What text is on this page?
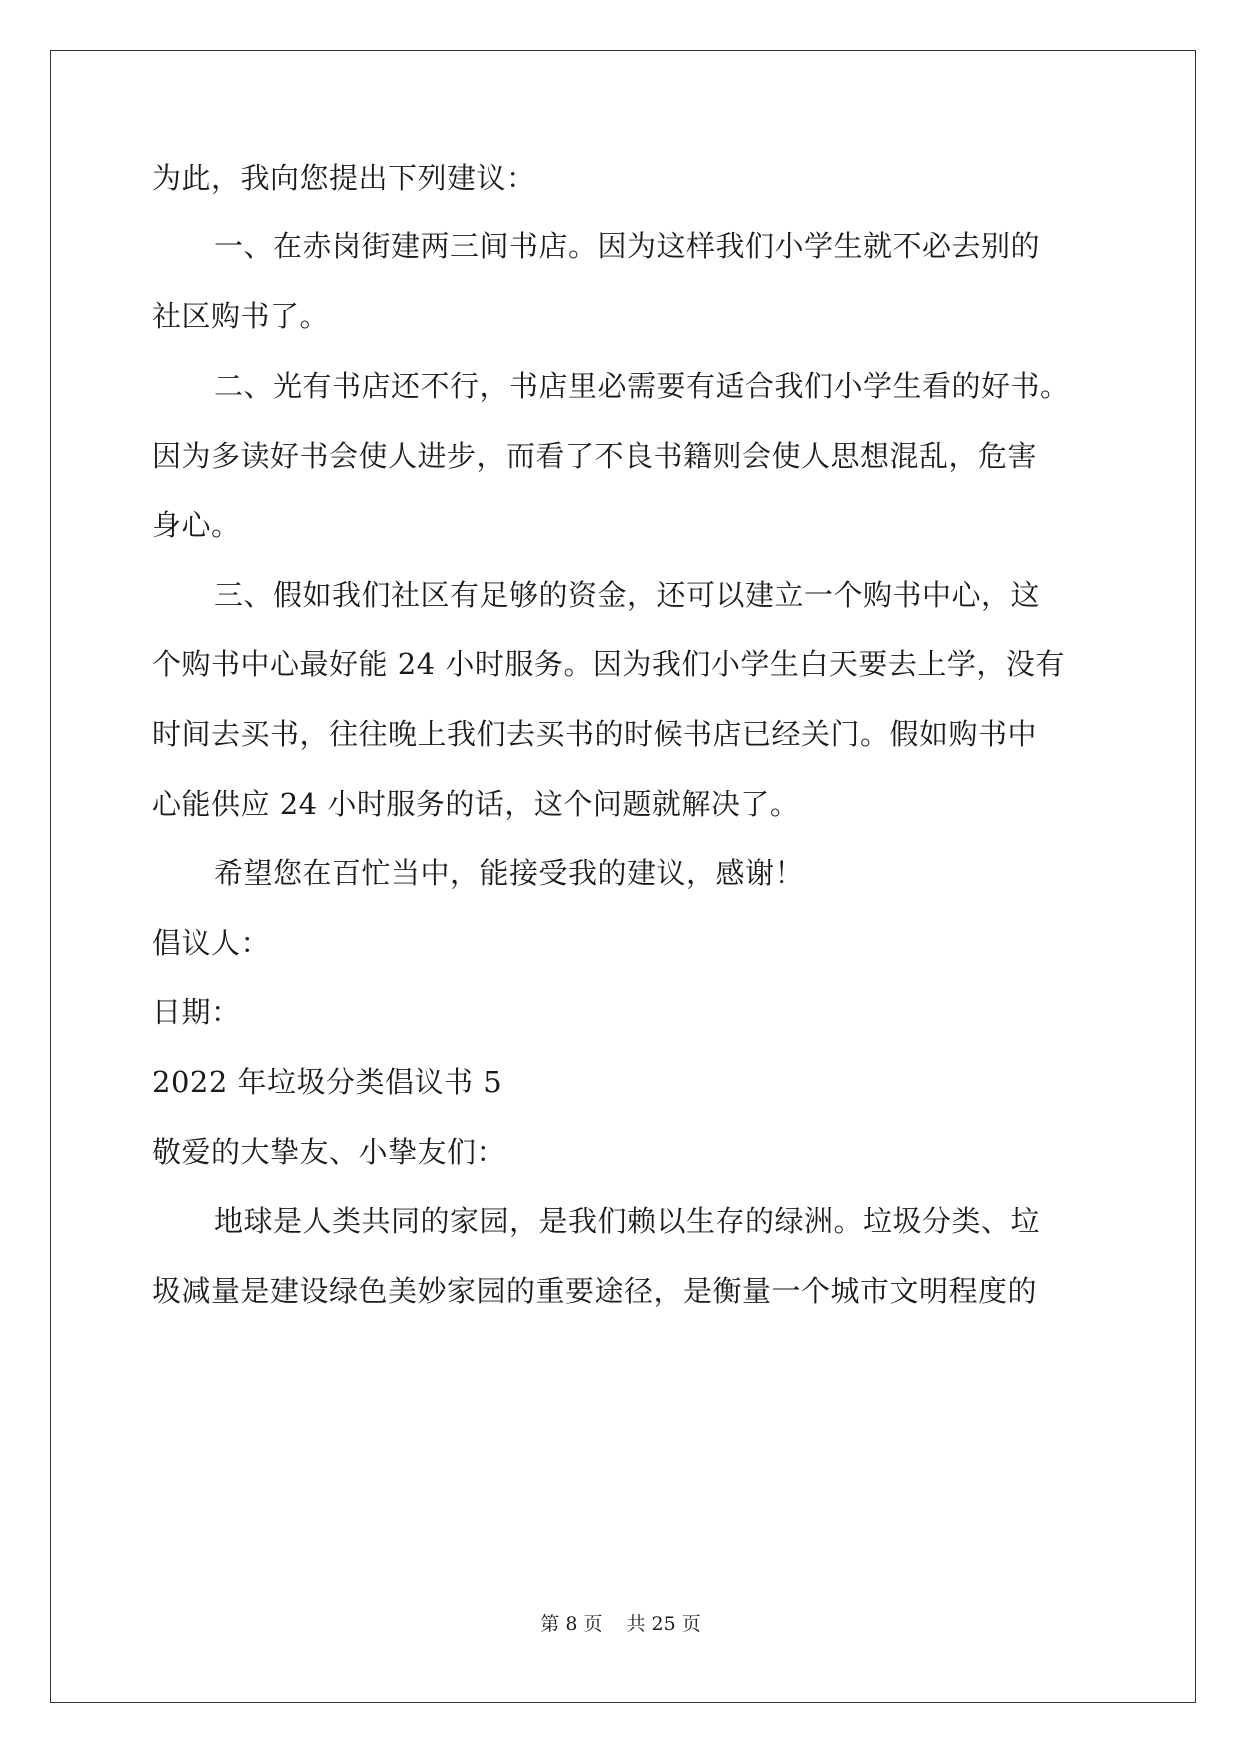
为此，我向您提出下列建议：
一、在赤岗街建两三间书店。因为这样我们小学生就不必去别的
社区购书了。
二、光有书店还不行，书店里必需要有适合我们小学生看的好书。
因为多读好书会使人进步，而看了不良书籍则会使人思想混乱，危害
身心。
三、假如我们社区有足够的资金，还可以建立一个购书中心，这
个购书中心最好能 24 小时服务。因为我们小学生白天要去上学，没有
时间去买书，往往晚上我们去买书的时候书店已经关门。假如购书中
心能供应 24 小时服务的话，这个问题就解决了。
希望您在百忙当中，能接受我的建议，感谢！
倡议人：
日期：
2022 年垃圾分类倡议书 5
敬爱的大挚友、小挚友们：
地球是人类共同的家园，是我们赖以生存的绿洲。垃圾分类、垃
圾减量是建设绿色美妙家园的重要途径，是衡量一个城市文明程度的
第 8 页 共 25 页
